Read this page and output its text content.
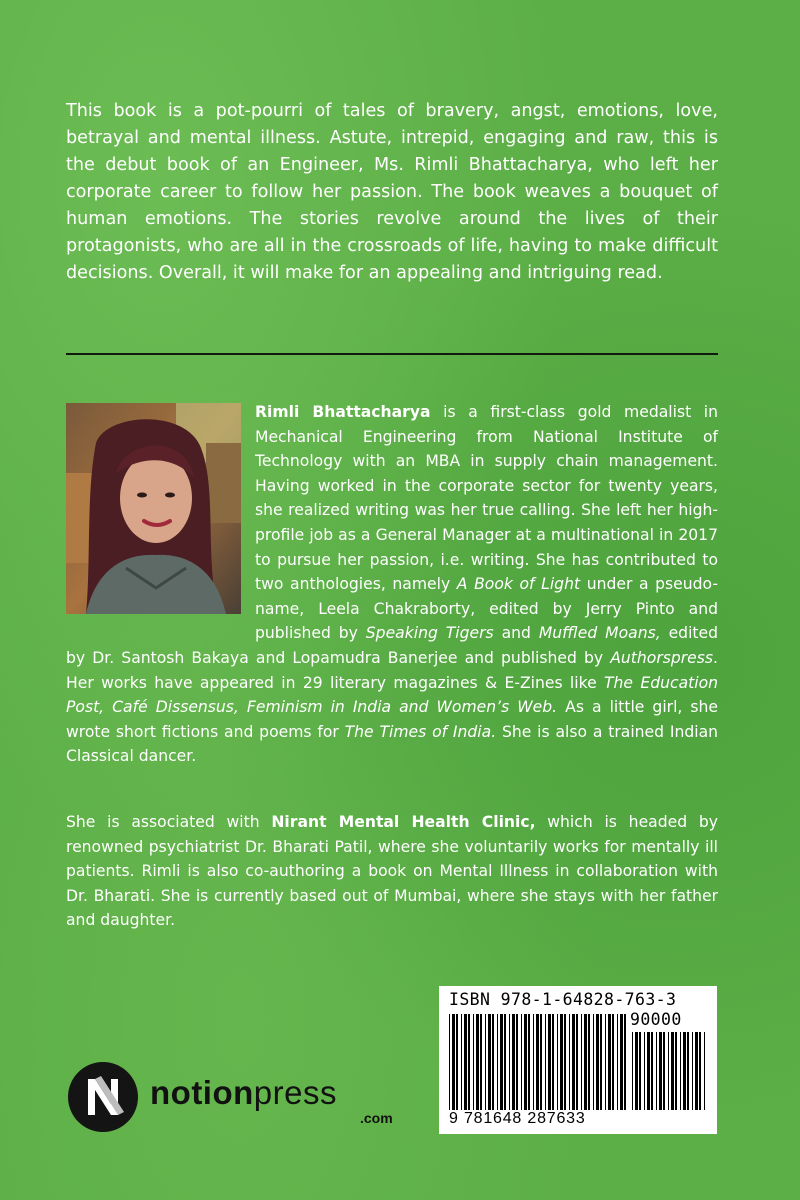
This book is a pot-pourri of tales of bravery, angst, emotions, love, betrayal and mental illness. Astute, intrepid, engaging and raw, this is the debut book of an Engineer, Ms. Rimli Bhattacharya, who left her corporate career to follow her passion. The book weaves a bouquet of human emotions. The stories revolve around the lives of their protagonists, who are all in the crossroads of life, having to make difficult decisions. Overall, it will make for an appealing and intriguing read.

Rimli Bhattacharya is a first-class gold medalist in Mechanical Engineering from National Institute of Technology with an MBA in supply chain management. Having worked in the corporate sector for twenty years, she realized writing was her true calling. She left her high-profile job as a General Manager at a multinational in 2017 to pursue her passion, i.e. writing. She has contributed to two anthologies, namely A Book of Light under a pseudo-name, Leela Chakraborty, edited by Jerry Pinto and published by Speaking Tigers and Muffled Moans, edited by Dr. Santosh Bakaya and Lopamudra Banerjee and published by Authorspress. Her works have appeared in 29 literary magazines & E-Zines like The Education Post, Café Dissensus, Feminism in India and Women’s Web. As a little girl, she wrote short fictions and poems for The Times of India. She is also a trained Indian Classical dancer.

She is associated with Nirant Mental Health Clinic, which is headed by renowned psychiatrist Dr. Bharati Patil, where she voluntarily works for mentally ill patients. Rimli is also co-authoring a book on Mental Illness in collaboration with Dr. Bharati. She is currently based out of Mumbai, where she stays with her father and daughter.

notionpress
.com
ISBN 978-1-64828-763-3
90000
9 781648 287633
